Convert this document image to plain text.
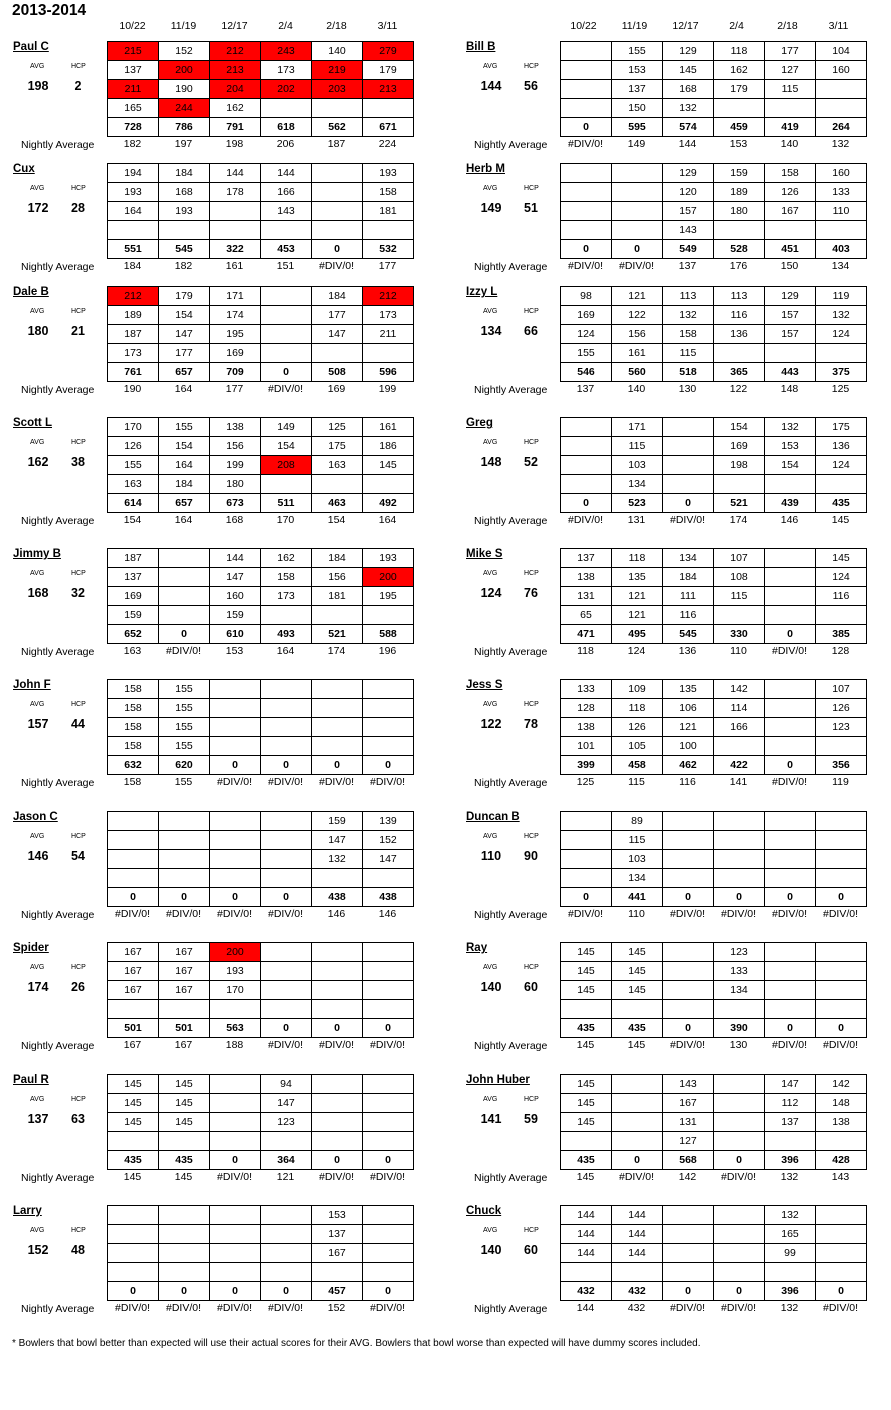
2013-2014
10/22	11/19	12/17	2/4	2/18	3/11	10/22	11/19	12/17	2/4	2/18	3/11
Paul C
AVG	HCP
198	2
215	152	212	243	140	279
137	200	213	173	219	179
211	190	204	202	203	213
165	244	162			
728	786	791	618	562	671
Nightly Average	182	197	198	206	187	224
Bill B
AVG	HCP
144	56
	155	129	118	177	104
	153	145	162	127	160
	137	168	179	115	
	150	132			
0	595	574	459	419	264
Nightly Average	#DIV/0!	149	144	153	140	132
Cux
AVG	HCP
172	28
194	184	144	144		193
193	168	178	166		158
164	193		143		181

551	545	322	453	0	532
Nightly Average	184	182	161	151	#DIV/0!	177
Herb M
AVG	HCP
149	51
		129	159	158	160
		120	189	126	133
		157	180	167	110
		143			
0	0	549	528	451	403
Nightly Average	#DIV/0!	#DIV/0!	137	176	150	134
Dale B
AVG	HCP
180	21
212	179	171		184	212
189	154	174		177	173
187	147	195		147	211
173	177	169			
761	657	709	0	508	596
Nightly Average	190	164	177	#DIV/0!	169	199
Izzy L
AVG	HCP
134	66
98	121	113	113	129	119
169	122	132	116	157	132
124	156	158	136	157	124
155	161	115			
546	560	518	365	443	375
Nightly Average	137	140	130	122	148	125
Scott L
AVG	HCP
162	38
170	155	138	149	125	161
126	154	156	154	175	186
155	164	199	208	163	145
163	184	180			
614	657	673	511	463	492
Nightly Average	154	164	168	170	154	164
Greg
AVG	HCP
148	52
	171		154	132	175
	115		169	153	136
	103		198	154	124
	134				
0	523	0	521	439	435
Nightly Average	#DIV/0!	131	#DIV/0!	174	146	145
Jimmy B
AVG	HCP
168	32
187		144	162	184	193
137		147	158	156	200
169		160	173	181	195
159		159			
652	0	610	493	521	588
Nightly Average	163	#DIV/0!	153	164	174	196
Mike S
AVG	HCP
124	76
137	118	134	107		145
138	135	184	108		124
131	121	111	115		116
65	121	116			
471	495	545	330	0	385
Nightly Average	118	124	136	110	#DIV/0!	128
John F
AVG	HCP
157	44
158	155				
158	155				
158	155				
158	155				
632	620	0	0	0	0
Nightly Average	158	155	#DIV/0!	#DIV/0!	#DIV/0!	#DIV/0!
Jess S
AVG	HCP
122	78
133	109	135	142		107
128	118	106	114		126
138	126	121	166		123
101	105	100			
399	458	462	422	0	356
Nightly Average	125	115	116	141	#DIV/0!	119
Jason C
AVG	HCP
146	54
				159	139
				147	152
				132	147

0	0	0	0	438	438
Nightly Average	#DIV/0!	#DIV/0!	#DIV/0!	#DIV/0!	146	146
Duncan B
AVG	HCP
110	90
	89				
	115				
	103				
	134				
0	441	0	0	0	0
Nightly Average	#DIV/0!	110	#DIV/0!	#DIV/0!	#DIV/0!	#DIV/0!
Spider
AVG	HCP
174	26
167	167	200			
167	167	193			
167	167	170			

501	501	563	0	0	0
Nightly Average	167	167	188	#DIV/0!	#DIV/0!	#DIV/0!
Ray
AVG	HCP
140	60
145	145		123		
145	145		133		
145	145		134		

435	435	0	390	0	0
Nightly Average	145	145	#DIV/0!	130	#DIV/0!	#DIV/0!
Paul R
AVG	HCP
137	63
145	145		94		
145	145		147		
145	145		123		

435	435	0	364	0	0
Nightly Average	145	145	#DIV/0!	121	#DIV/0!	#DIV/0!
John Huber
AVG	HCP
141	59
145		143		147	142
145		167		112	148
145		131		137	138
		127			
435	0	568	0	396	428
Nightly Average	145	#DIV/0!	142	#DIV/0!	132	143
Larry
AVG	HCP
152	48
				153	
				137	
				167	

0	0	0	0	457	0
Nightly Average	#DIV/0!	#DIV/0!	#DIV/0!	#DIV/0!	152	#DIV/0!
Chuck
AVG	HCP
140	60
144	144			132	
144	144			165	
144	144			99	

432	432	0	0	396	0
Nightly Average	144	432	#DIV/0!	#DIV/0!	132	#DIV/0!
* Bowlers that bowl better than expected will use their actual scores for their AVG. Bowlers that bowl worse than expected will have dummy scores included.
